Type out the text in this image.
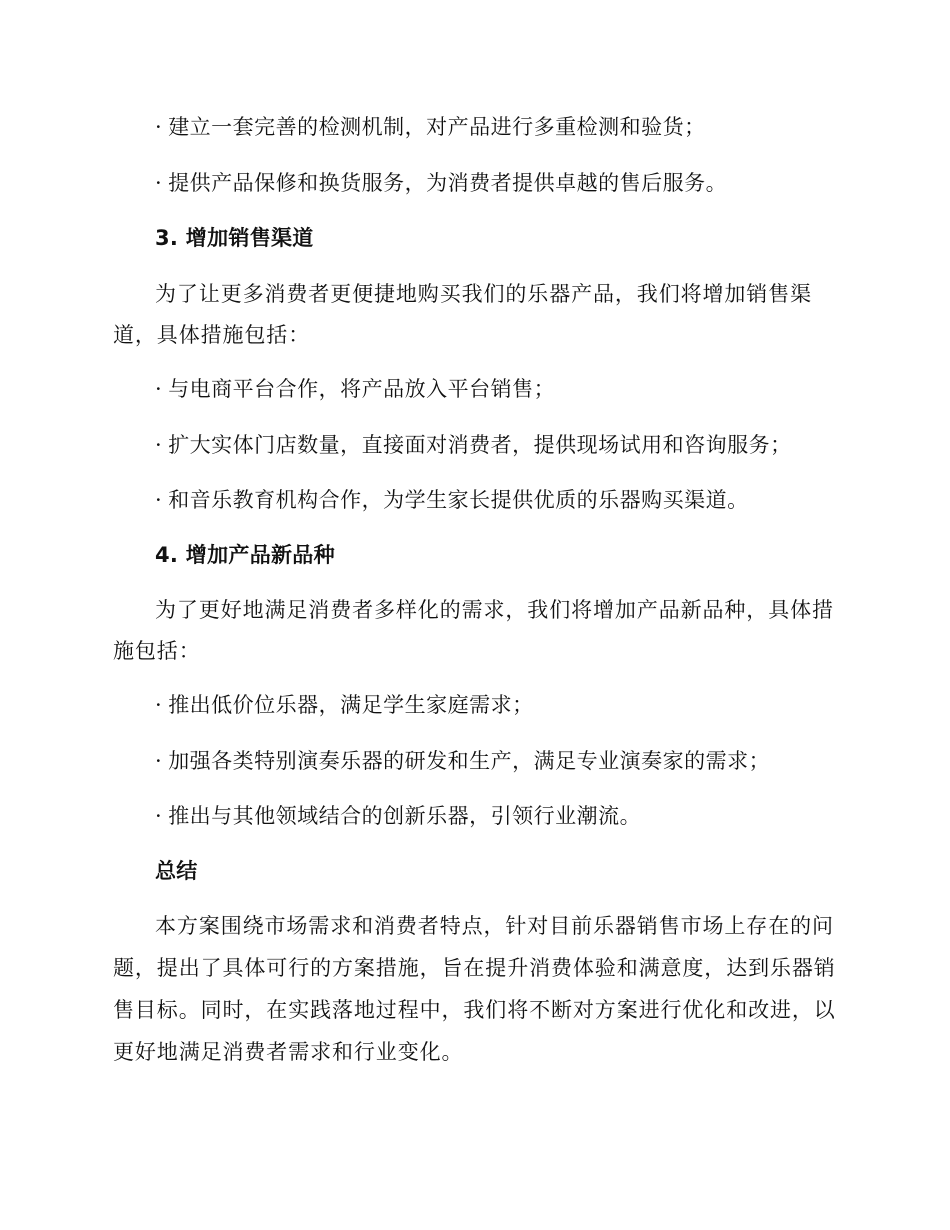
· 建立一套完善的检测机制，对产品进行多重检测和验货；
· 提供产品保修和换货服务，为消费者提供卓越的售后服务。
3. 增加销售渠道
为了让更多消费者更便捷地购买我们的乐器产品，我们将增加销售渠
道，具体措施包括：
· 与电商平台合作，将产品放入平台销售；
· 扩大实体门店数量，直接面对消费者，提供现场试用和咨询服务；
· 和音乐教育机构合作，为学生家长提供优质的乐器购买渠道。
4. 增加产品新品种
为了更好地满足消费者多样化的需求，我们将增加产品新品种，具体措
施包括：
· 推出低价位乐器，满足学生家庭需求；
· 加强各类特别演奏乐器的研发和生产，满足专业演奏家的需求；
· 推出与其他领域结合的创新乐器，引领行业潮流。
总结
本方案围绕市场需求和消费者特点，针对目前乐器销售市场上存在的问
题，提出了具体可行的方案措施，旨在提升消费体验和满意度，达到乐器销
售目标。同时，在实践落地过程中，我们将不断对方案进行优化和改进，以
更好地满足消费者需求和行业变化。
